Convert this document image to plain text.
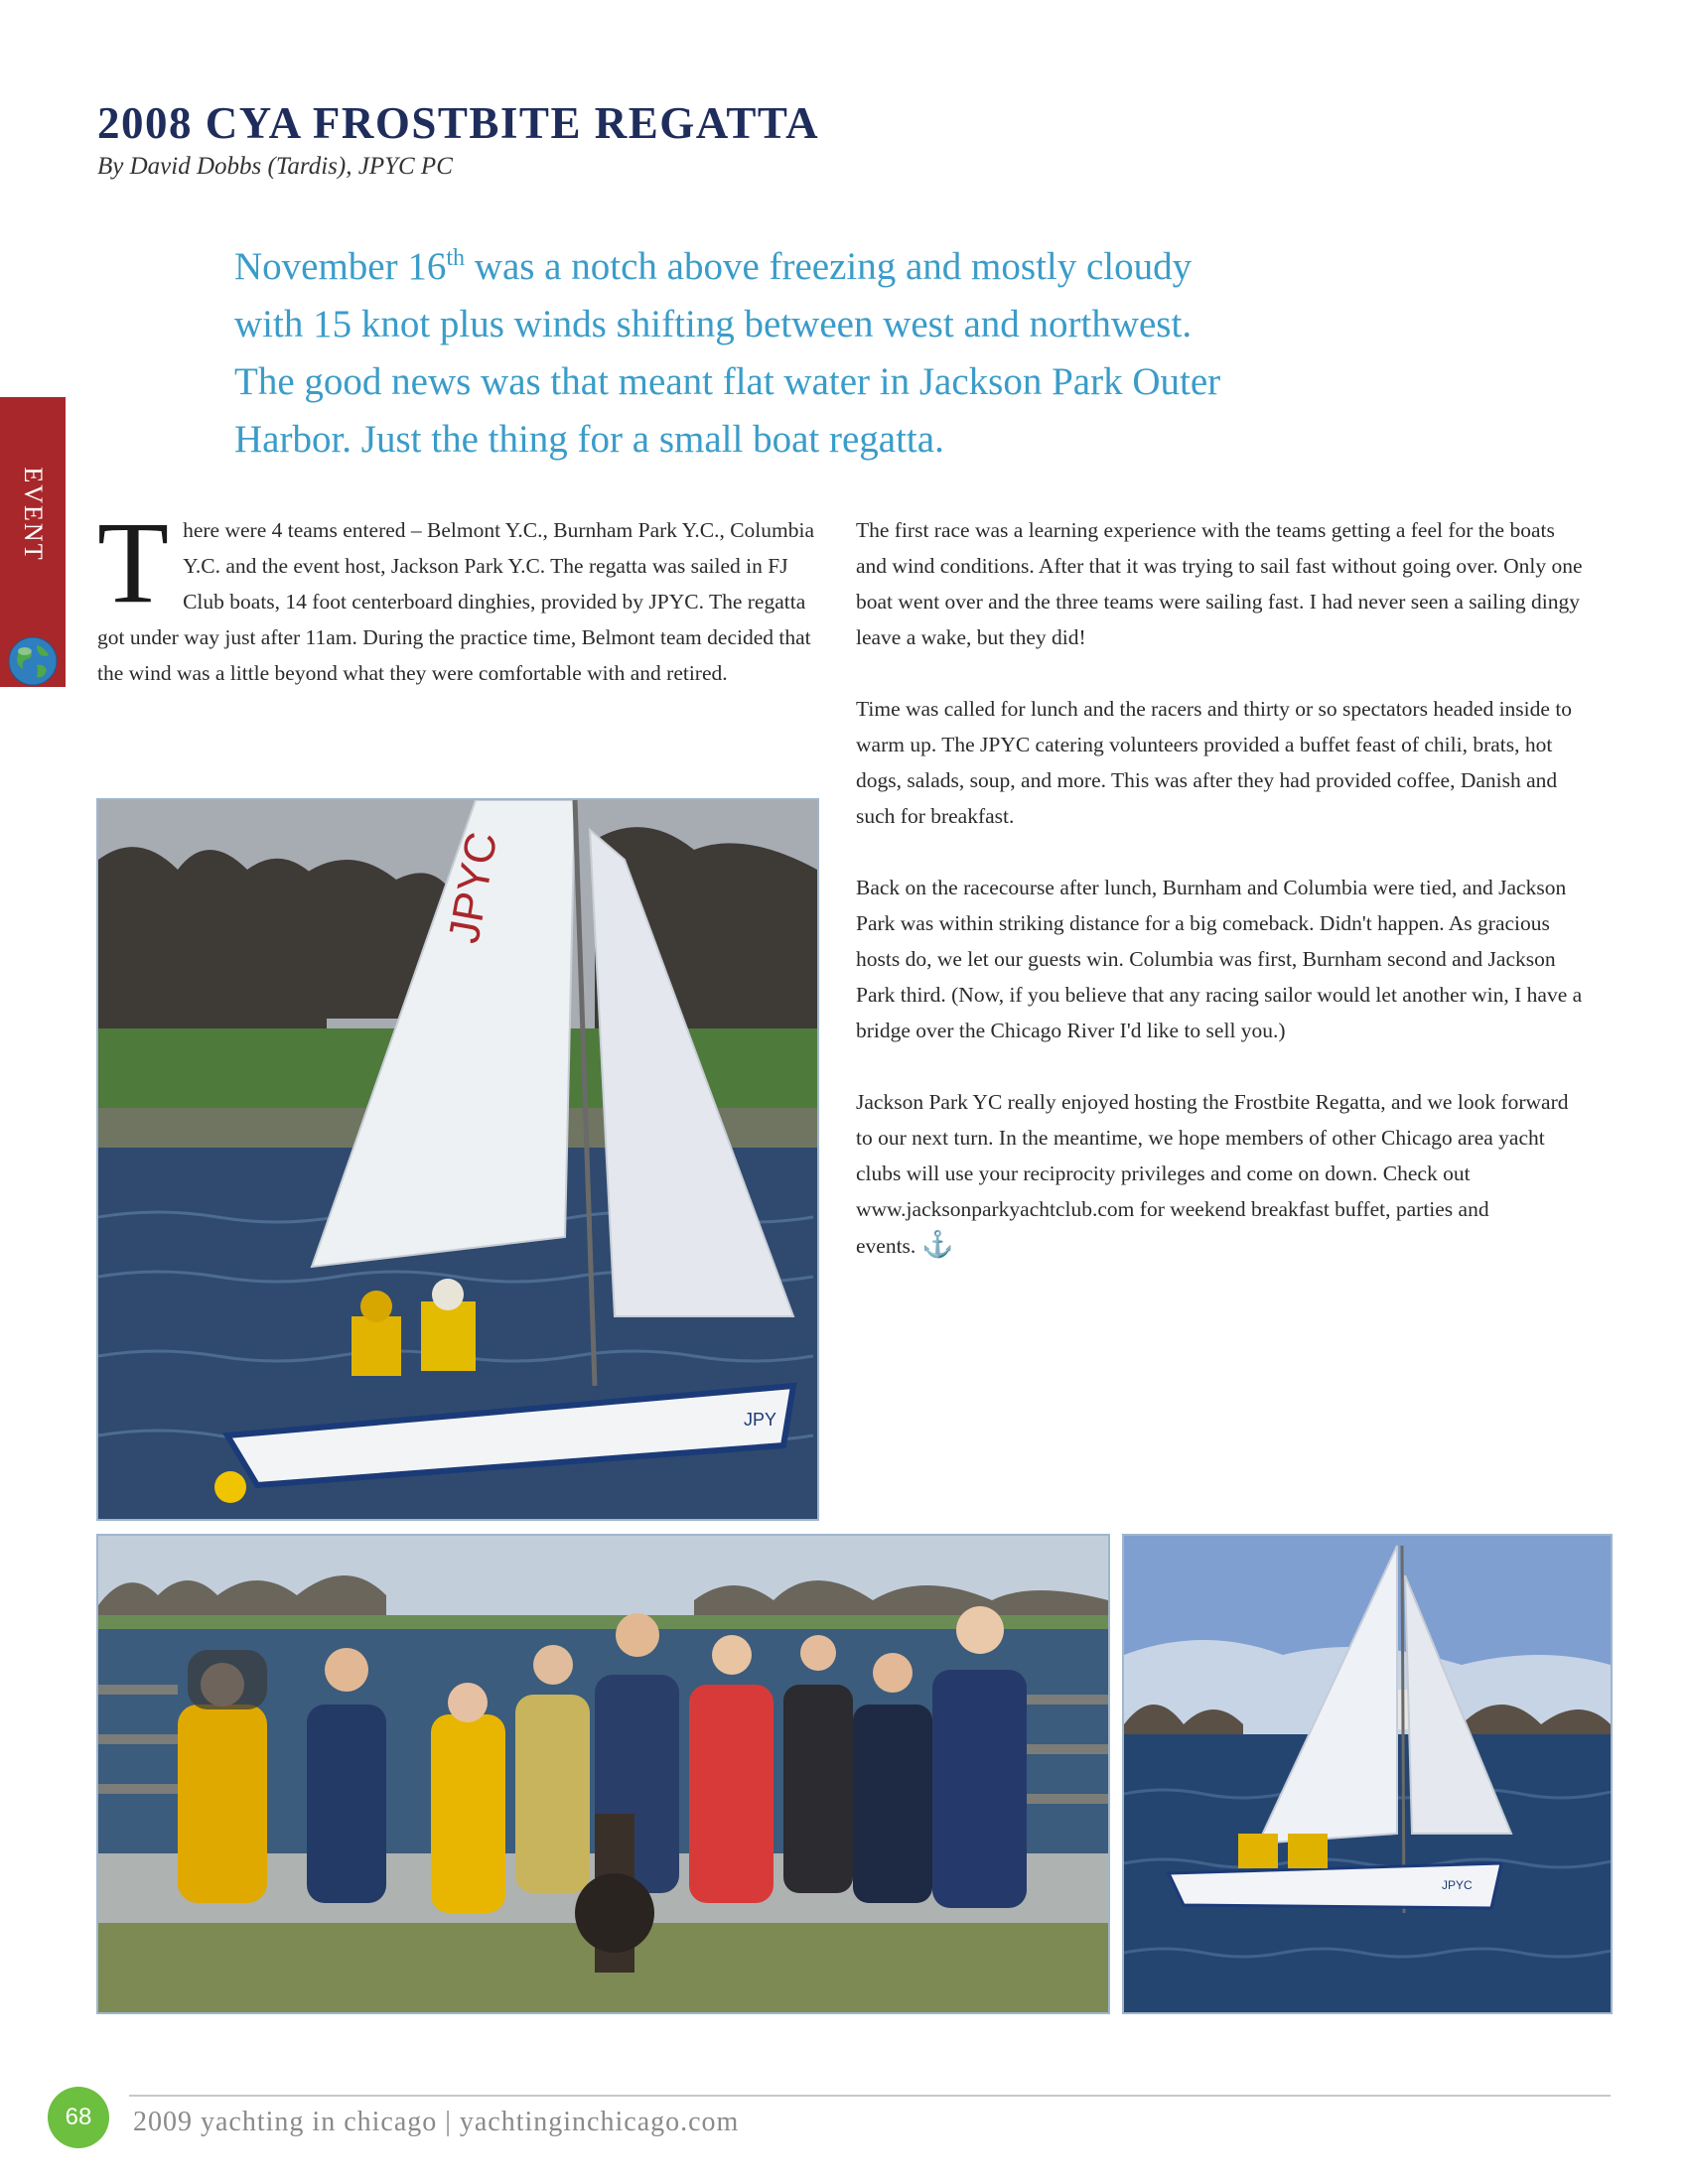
2008 CYA FROSTBITE REGATTA
By David Dobbs (Tardis), JPYC PC

November 16th was a notch above freezing and mostly cloudy

with 15 knot plus winds shifting between west and northwest.

The good news was that meant flat water in Jackson Park Outer

Harbor. Just the thing for a small boat regatta.

EVENT T here were 4 teams entered – Belmont Y.C., Burnham Park Y.C., Columbia Y.C. and the event host, Jackson Park Y.C. The regatta was sailed in FJ Club boats, 14 foot centerboard dinghies, provided by JPYC. The regatta got under way just after 11am. During the practice time, Belmont team decided that the wind was a little beyond what they were comfortable with and retired.

The first race was a learning experience with the teams getting a feel for the boats and wind conditions. After that it was trying to sail fast without going over. Only one boat went over and the three teams were sailing fast. I had never seen a sailing dingy leave a wake, but they did!

Time was called for lunch and the racers and thirty or so spectators headed inside to warm up. The JPYC catering volunteers provided a buffet feast of chili, brats, hot dogs, salads, soup, and more. This was after they had provided coffee, Danish and such for breakfast.

Back on the racecourse after lunch, Burnham and Columbia were tied, and Jackson Park was within striking distance for a big comeback. Didn't happen. As gracious hosts do, we let our guests win. Columbia was first, Burnham second and Jackson Park third. (Now, if you believe that any racing sailor would let another win, I have a bridge over the Chicago River I'd like to sell you.)

Jackson Park YC really enjoyed hosting the Frostbite Regatta, and we look forward to our next turn. In the meantime, we hope members of other Chicago area yacht clubs will use your reciprocity privileges and come on down. Check out www.jacksonparkyachtclub.com for weekend breakfast buffet, parties and events. ⚓

JPYC
JPY
JPYC
68	2009 yachting in chicago | yachtinginchicago.com
